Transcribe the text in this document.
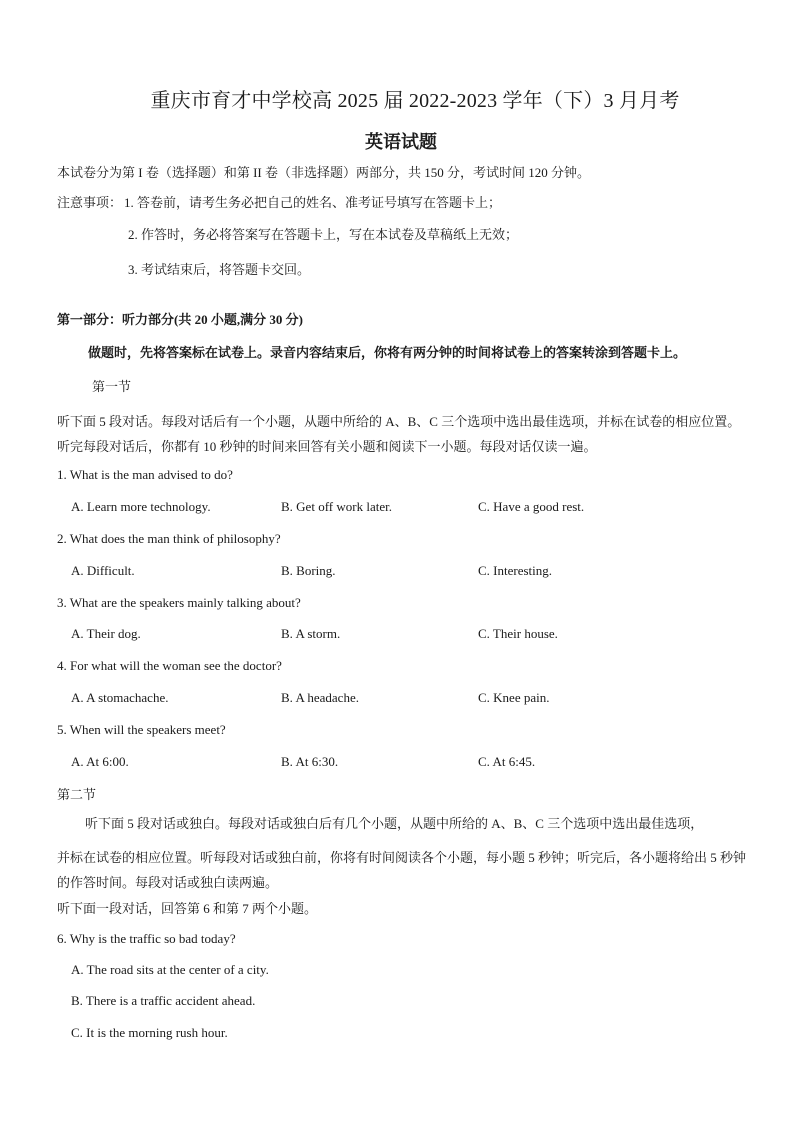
重庆市育才中学校高 2025 届 2022-2023 学年（下）3 月月考
英语试题
本试卷分为第 I 卷（选择题）和第 II 卷（非选择题）两部分，共 150 分，考试时间 120 分钟。
注意事项： 1. 答卷前，请考生务必把自己的姓名、准考证号填写在答题卡上；
2. 作答时，务必将答案写在答题卡上，写在本试卷及草稿纸上无效；
3. 考试结束后，将答题卡交回。
第一部分：听力部分(共 20 小题,满分 30 分)
做题时，先将答案标在试卷上。录音内容结束后，你将有两分钟的时间将试卷上的答案转涂到答题卡上。
第一节
听下面 5 段对话。每段对话后有一个小题，从题中所给的 A、B、C 三个选项中选出最佳选项，并标在试卷的相应位置。听完每段对话后，你都有 10 秒钟的时间来回答有关小题和阅读下一小题。每段对话仅读一遍。
1. What is the man advised to do?
A. Learn more technology.	B. Get off work later.	C. Have a good rest.
2. What does the man think of philosophy?
A. Difficult.	B. Boring.	C. Interesting.
3. What are the speakers mainly talking about?
A. Their dog.	B. A storm.	C. Their house.
4. For what will the woman see the doctor?
A. A stomachache.	B. A headache.	C. Knee pain.
5. When will the speakers meet?
A. At 6:00.	B. At 6:30.	C. At 6:45.
第二节
听下面 5 段对话或独白。每段对话或独白后有几个小题，从题中所给的 A、B、C 三个选项中选出最佳选项，
并标在试卷的相应位置。听每段对话或独白前，你将有时间阅读各个小题，每小题 5 秒钟；听完后，各小题将给出 5 秒钟的作答时间。每段对话或独白读两遍。
听下面一段对话，回答第 6 和第 7 两个小题。
6. Why is the traffic so bad today?
A. The road sits at the center of a city.
B. There is a traffic accident ahead.
C. It is the morning rush hour.
